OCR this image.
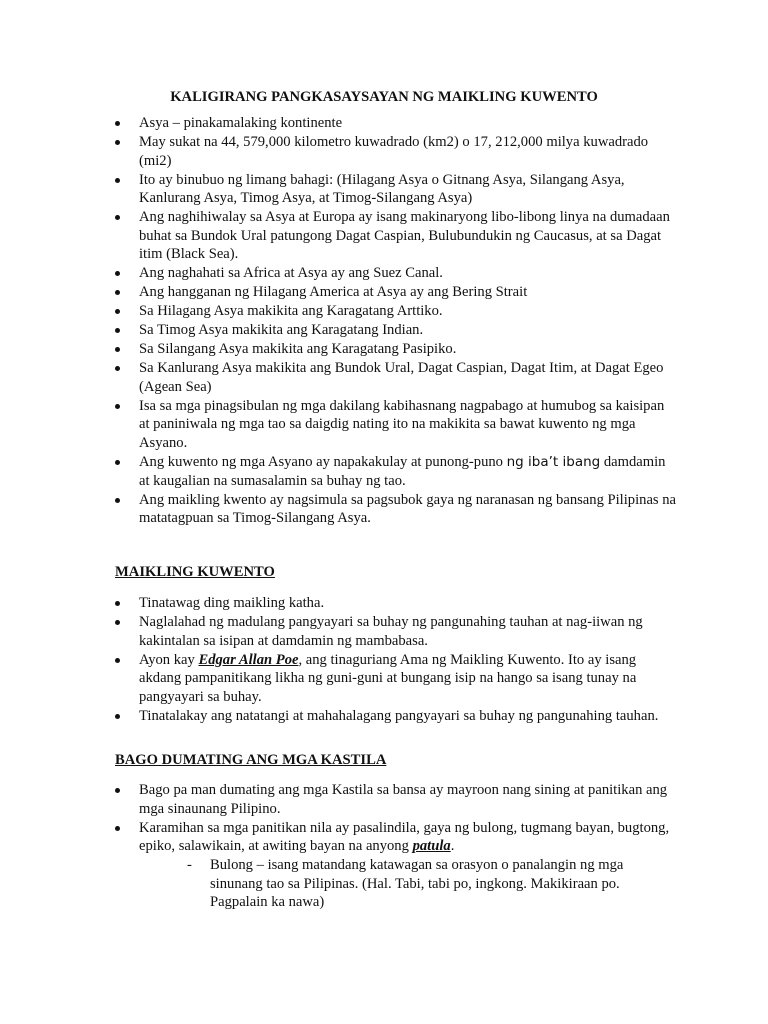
KALIGIRANG PANGKASAYSAYAN NG MAIKLING KUWENTO
Asya – pinakamalaking kontinente
May sukat na 44, 579,000 kilometro kuwadrado (km2) o 17, 212,000 milya kuwadrado (mi2)
Ito ay binubuo ng limang bahagi: (Hilagang Asya o Gitnang Asya, Silangang Asya, Kanlurang Asya, Timog Asya, at Timog-Silangang Asya)
Ang naghihiwalay sa Asya at Europa ay isang makinaryong libo-libong linya na dumadaan buhat sa Bundok Ural patungong Dagat Caspian, Bulubundukin ng Caucasus, at sa Dagat itim (Black Sea).
Ang naghahati sa Africa at Asya ay ang Suez Canal.
Ang hangganan ng Hilagang America at Asya ay ang Bering Strait
Sa Hilagang Asya makikita ang Karagatang Arttiko.
Sa Timog Asya makikita ang Karagatang Indian.
Sa Silangang Asya makikita ang Karagatang Pasipiko.
Sa Kanlurang Asya makikita ang Bundok Ural, Dagat Caspian, Dagat Itim, at Dagat Egeo (Agean Sea)
Isa sa mga pinagsibulan ng mga dakilang kabihasnang nagpabago at humubog sa kaisipan at paniniwala ng mga tao sa daigdig nating ito na makikita sa bawat kuwento ng mga Asyano.
Ang kuwento ng mga Asyano ay napakakulay at punong-puno ng iba’t ibang damdamin at kaugalian na sumasalamin sa buhay ng tao.
Ang maikling kwento ay nagsimula sa pagsubok gaya ng naranasan ng bansang Pilipinas na matatagpuan sa Timog-Silangang Asya.
MAIKLING KUWENTO
Tinatawag ding maikling katha.
Naglalahad ng madulang pangyayari sa buhay ng pangunahing tauhan at nag-iiwan ng kakintalan sa isipan at damdamin ng mambabasa.
Ayon kay Edgar Allan Poe, ang tinaguriang Ama ng Maikling Kuwento. Ito ay isang akdang pampanitikang likha ng guni-guni at bungang isip na hango sa isang tunay na pangyayari sa buhay.
Tinatalakay ang natatangi at mahahalagang pangyayari sa buhay ng pangunahing tauhan.
BAGO DUMATING ANG MGA KASTILA
Bago pa man dumating ang mga Kastila sa bansa ay mayroon nang sining at panitikan ang mga sinaunang Pilipino.
Karamihan sa mga panitikan nila ay pasalindila, gaya ng bulong, tugmang bayan, bugtong, epiko, salawikain, at awiting bayan na anyong patula.
- Bulong – isang matandang katawagan sa orasyon o panalangin ng mga sinunang tao sa Pilipinas. (Hal. Tabi, tabi po, ingkong. Makikiraan po. Pagpalain ka nawa)
